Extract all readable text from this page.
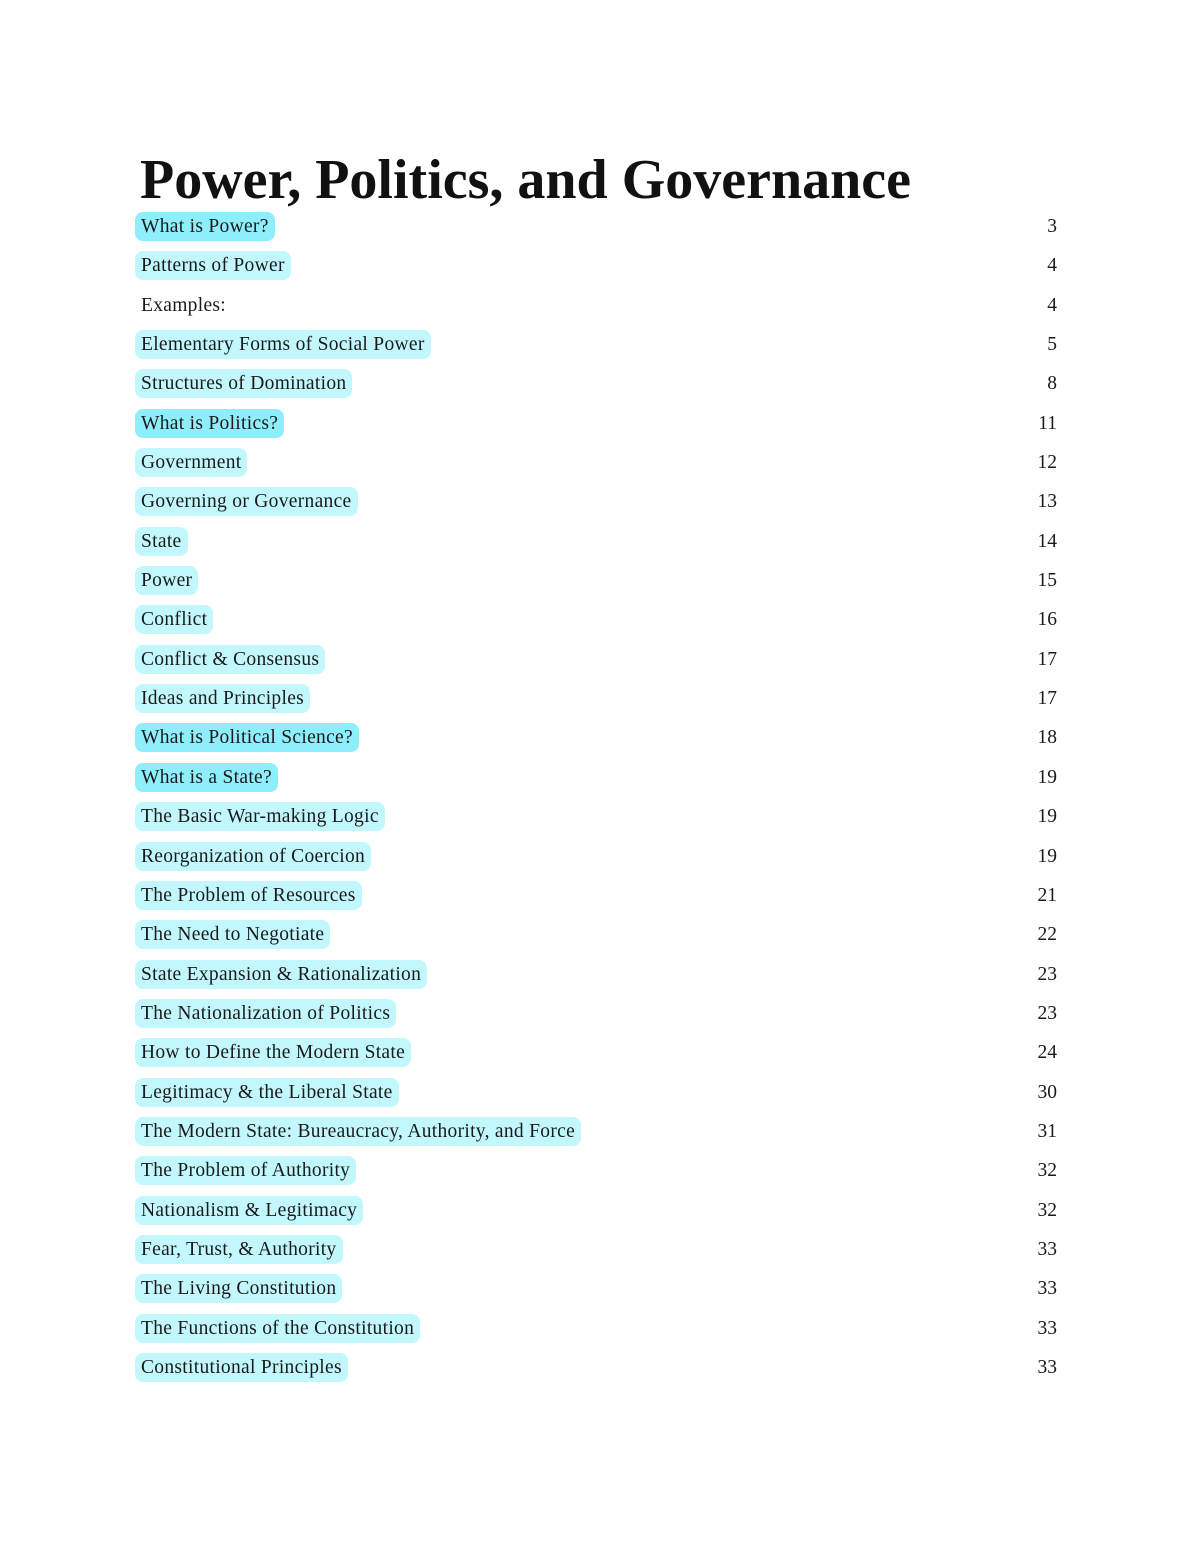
Power, Politics, and Governance
What is Power?	3
Patterns of Power	4
Examples:	4
Elementary Forms of Social Power	5
Structures of Domination	8
What is Politics?	11
Government	12
Governing or Governance	13
State	14
Power	15
Conflict	16
Conflict & Consensus	17
Ideas and Principles	17
What is Political Science?	18
What is a State?	19
The Basic War-making Logic	19
Reorganization of Coercion	19
The Problem of Resources	21
The Need to Negotiate	22
State Expansion & Rationalization	23
The Nationalization of Politics	23
How to Define the Modern State	24
Legitimacy & the Liberal State	30
The Modern State: Bureaucracy, Authority, and Force	31
The Problem of Authority	32
Nationalism & Legitimacy	32
Fear, Trust, & Authority	33
The Living Constitution	33
The Functions of the Constitution	33
Constitutional Principles	33
